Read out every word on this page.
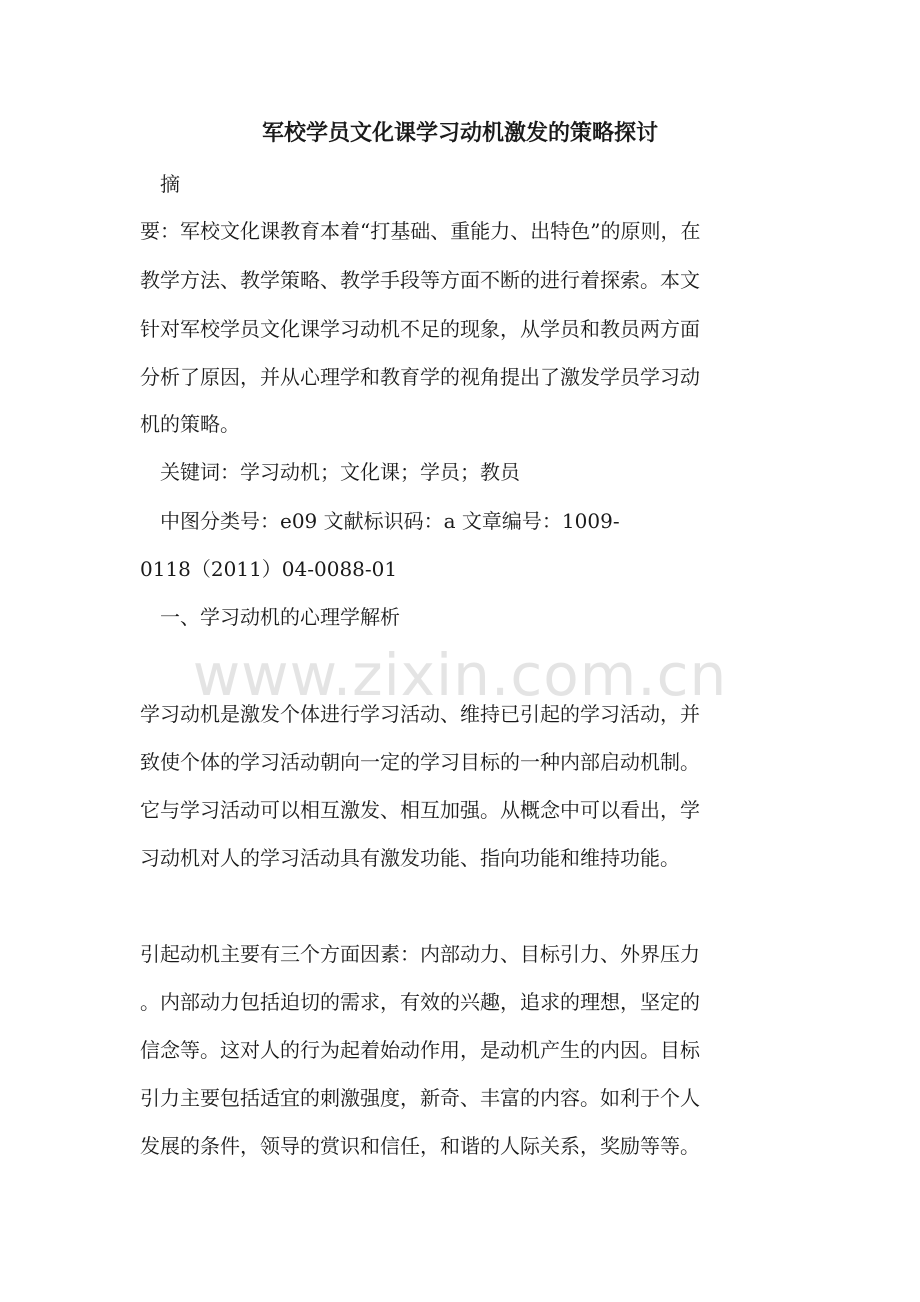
www.zixin.com.cn
军校学员文化课学习动机激发的策略探讨
摘
要：军校文化课教育本着“打基础、重能力、出特色”的原则，在
教学方法、教学策略、教学手段等方面不断的进行着探索。本文
针对军校学员文化课学习动机不足的现象，从学员和教员两方面
分析了原因，并从心理学和教育学的视角提出了激发学员学习动
机的策略。
关键词：学习动机；文化课；学员；教员
中图分类号：e09 文献标识码：a 文章编号：1009-
0118（2011）04-0088-01
一、学习动机的心理学解析
学习动机是激发个体进行学习活动、维持已引起的学习活动，并
致使个体的学习活动朝向一定的学习目标的一种内部启动机制。
它与学习活动可以相互激发、相互加强。从概念中可以看出，学
习动机对人的学习活动具有激发功能、指向功能和维持功能。
引起动机主要有三个方面因素：内部动力、目标引力、外界压力
。内部动力包括迫切的需求，有效的兴趣，追求的理想，坚定的
信念等。这对人的行为起着始动作用，是动机产生的内因。目标
引力主要包括适宜的刺激强度，新奇、丰富的内容。如利于个人
发展的条件，领导的赏识和信任，和谐的人际关系，奖励等等。
